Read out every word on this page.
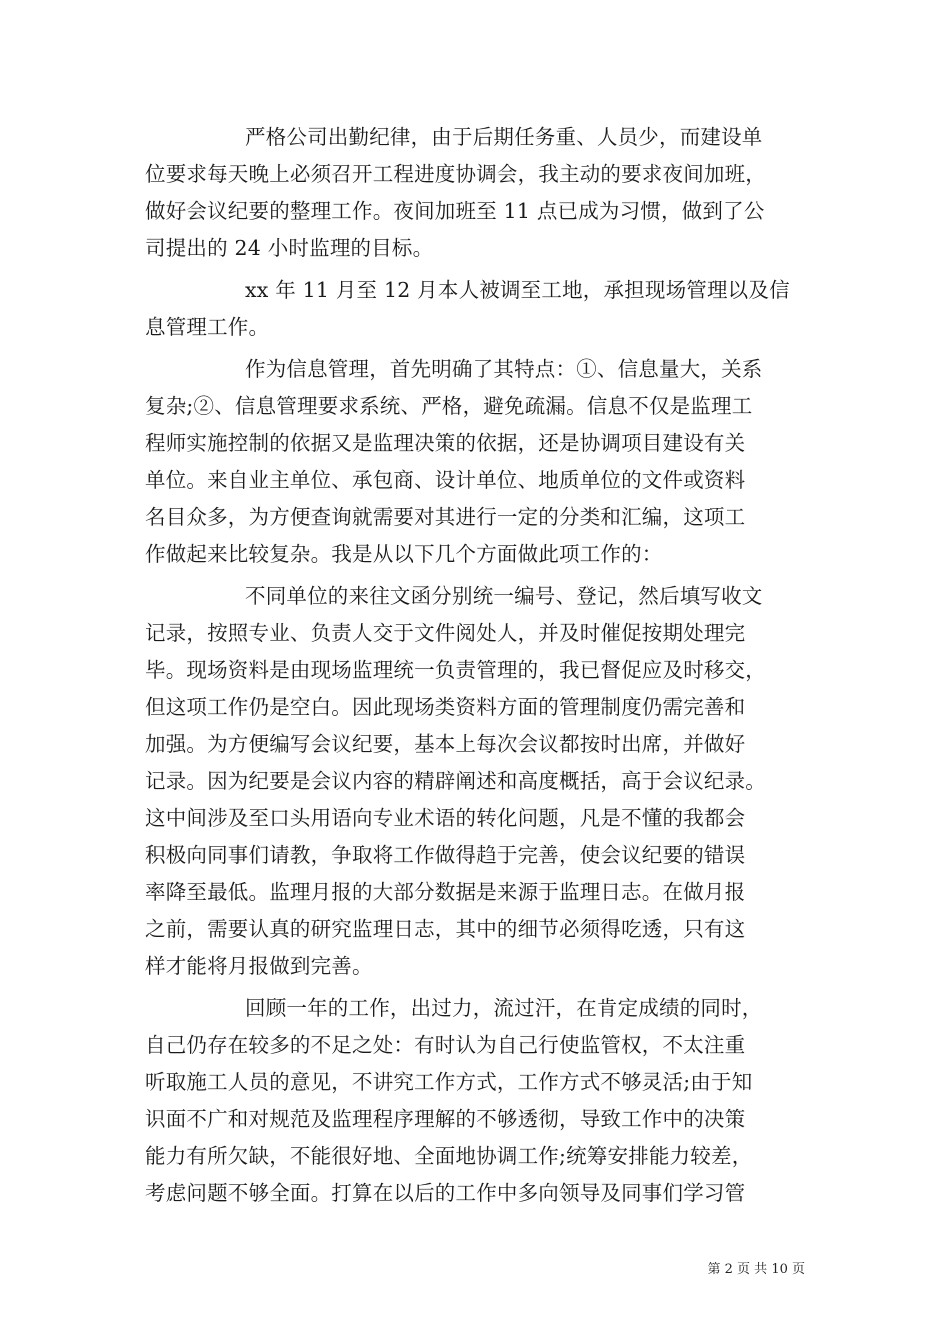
严格公司出勤纪律，由于后期任务重、人员少，而建设单
位要求每天晚上必须召开工程进度协调会，我主动的要求夜间加班，
做好会议纪要的整理工作。夜间加班至 11 点已成为习惯，做到了公
司提出的 24 小时监理的目标。
xx 年 11 月至 12 月本人被调至工地，承担现场管理以及信
息管理工作。
作为信息管理，首先明确了其特点：①、信息量大，关系
复杂;②、信息管理要求系统、严格，避免疏漏。信息不仅是监理工
程师实施控制的依据又是监理决策的依据，还是协调项目建设有关
单位。来自业主单位、承包商、设计单位、地质单位的文件或资料
名目众多，为方便查询就需要对其进行一定的分类和汇编，这项工
作做起来比较复杂。我是从以下几个方面做此项工作的：
不同单位的来往文函分别统一编号、登记，然后填写收文
记录，按照专业、负责人交于文件阅处人，并及时催促按期处理完
毕。现场资料是由现场监理统一负责管理的，我已督促应及时移交，
但这项工作仍是空白。因此现场类资料方面的管理制度仍需完善和
加强。为方便编写会议纪要，基本上每次会议都按时出席，并做好
记录。因为纪要是会议内容的精辟阐述和高度概括，高于会议纪录。
这中间涉及至口头用语向专业术语的转化问题，凡是不懂的我都会
积极向同事们请教，争取将工作做得趋于完善，使会议纪要的错误
率降至最低。监理月报的大部分数据是来源于监理日志。在做月报
之前，需要认真的研究监理日志，其中的细节必须得吃透，只有这
样才能将月报做到完善。
回顾一年的工作，出过力，流过汗，在肯定成绩的同时，
自己仍存在较多的不足之处：有时认为自己行使监管权，不太注重
听取施工人员的意见，不讲究工作方式，工作方式不够灵活;由于知
识面不广和对规范及监理程序理解的不够透彻，导致工作中的决策
能力有所欠缺，不能很好地、全面地协调工作;统筹安排能力较差，
考虑问题不够全面。打算在以后的工作中多向领导及同事们学习管
第 2 页 共 10 页
